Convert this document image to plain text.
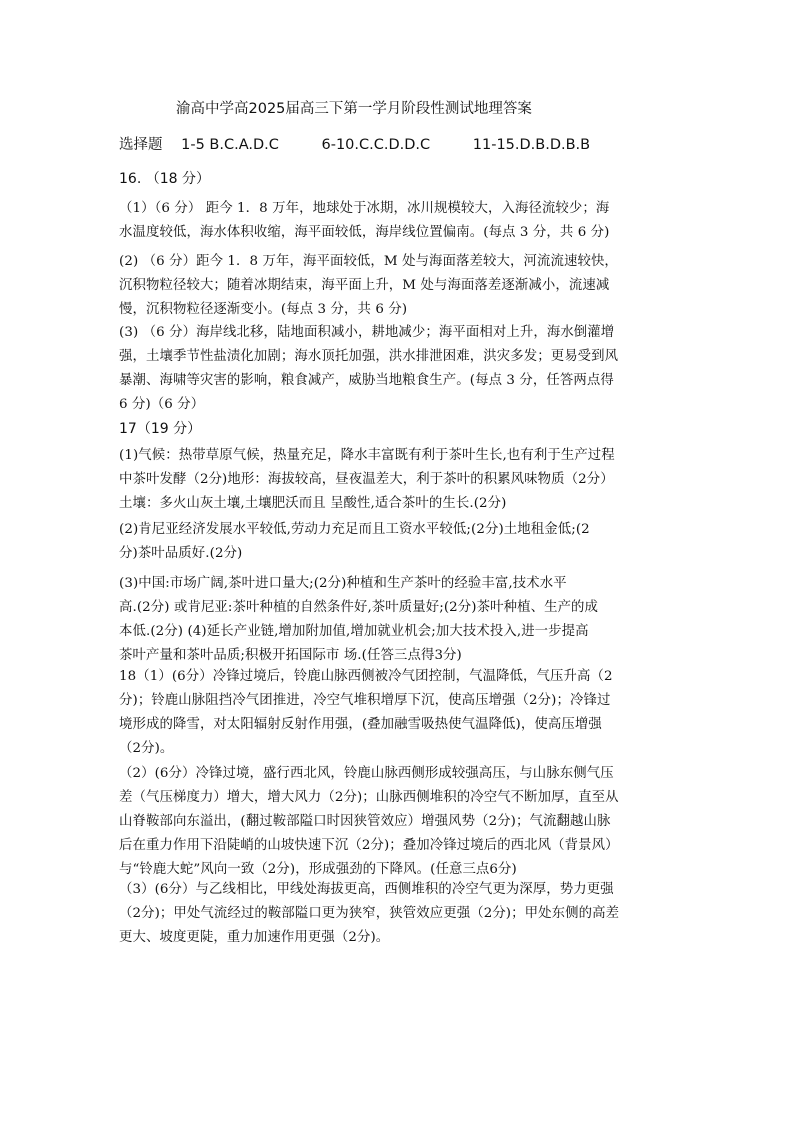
渝高中学高2025届高三下第一学月阶段性测试地理答案
选择题 1-5 B.C.A.D.C	6-10.C.C.D.D.C	11-15.D.B.D.B.B
16. （18 分）
（1）（6 分） 距今 1．8 万年，地球处于冰期，冰川规模较大，入海径流较少；海
水温度较低，海水体积收缩，海平面较低，海岸线位置偏南。(每点 3 分，共 6 分)
(2) （6 分）距今 1．8 万年，海平面较低，M 处与海面落差较大，河流流速较快，
沉积物粒径较大；随着冰期结束，海平面上升，M 处与海面落差逐渐减小，流速减
慢，沉积物粒径逐渐变小。(每点 3 分，共 6 分)
(3) （6 分）海岸线北移，陆地面积减小，耕地减少；海平面相对上升，海水倒灌增
强，土壤季节性盐渍化加剧；海水顶托加强，洪水排泄困难，洪灾多发；更易受到风
暴潮、海啸等灾害的影响，粮食减产，威胁当地粮食生产。(每点 3 分，任答两点得
6 分)（6 分）
17（19 分）
(1)气候：热带草原气候，热量充足，降水丰富既有利于茶叶生长,也有利于生产过程
中茶叶发酵（2分)地形：海拔较高，昼夜温差大，利于茶叶的积累风味物质（2分）
土壤：多火山灰土壤,土壤肥沃而且 呈酸性,适合茶叶的生长.(2分)
(2)肯尼亚经济发展水平较低,劳动力充足而且工资水平较低;(2分)土地租金低;(2
分)茶叶品质好.(2分)
(3)中国:市场广阔,茶叶进口量大;(2分)种植和生产茶叶的经验丰富,技术水平
高.(2分) 或肯尼亚:茶叶种植的自然条件好,茶叶质量好;(2分)茶叶种植、生产的成
本低.(2分) (4)延长产业链,增加附加值,增加就业机会;加大技术投入,进一步提高
茶叶产量和茶叶品质;积极开拓国际市 场.(任答三点得3分)
18（1）(6分）冷锋过境后，铃鹿山脉西侧被冷气团控制，气温降低，气压升高（2
分)；铃鹿山脉阻挡冷气团推进，冷空气堆积增厚下沉，使高压增强（2分)；冷锋过
境形成的降雪，对太阳辐射反射作用强，(叠加融雪吸热使气温降低)，使高压增强
（2分)。
（2）(6分）冷锋过境，盛行西北风，铃鹿山脉西侧形成较强高压，与山脉东侧气压
差（气压梯度力）增大，增大风力（2分)；山脉西侧堆积的冷空气不断加厚，直至从
山脊鞍部向东溢出，(翻过鞍部隘口时因狭管效应）增强风势（2分)；气流翻越山脉
后在重力作用下沿陡峭的山坡快速下沉（2分)；叠加冷锋过境后的西北风（背景风）
与“铃鹿大蛇”风向一致（2分)，形成强劲的下降风。(任意三点6分)
（3）(6分）与乙线相比，甲线处海拔更高，西侧堆积的冷空气更为深厚，势力更强
（2分)；甲处气流经过的鞍部隘口更为狭窄，狭管效应更强（2分)；甲处东侧的高差
更大、坡度更陡，重力加速作用更强（2分)。
